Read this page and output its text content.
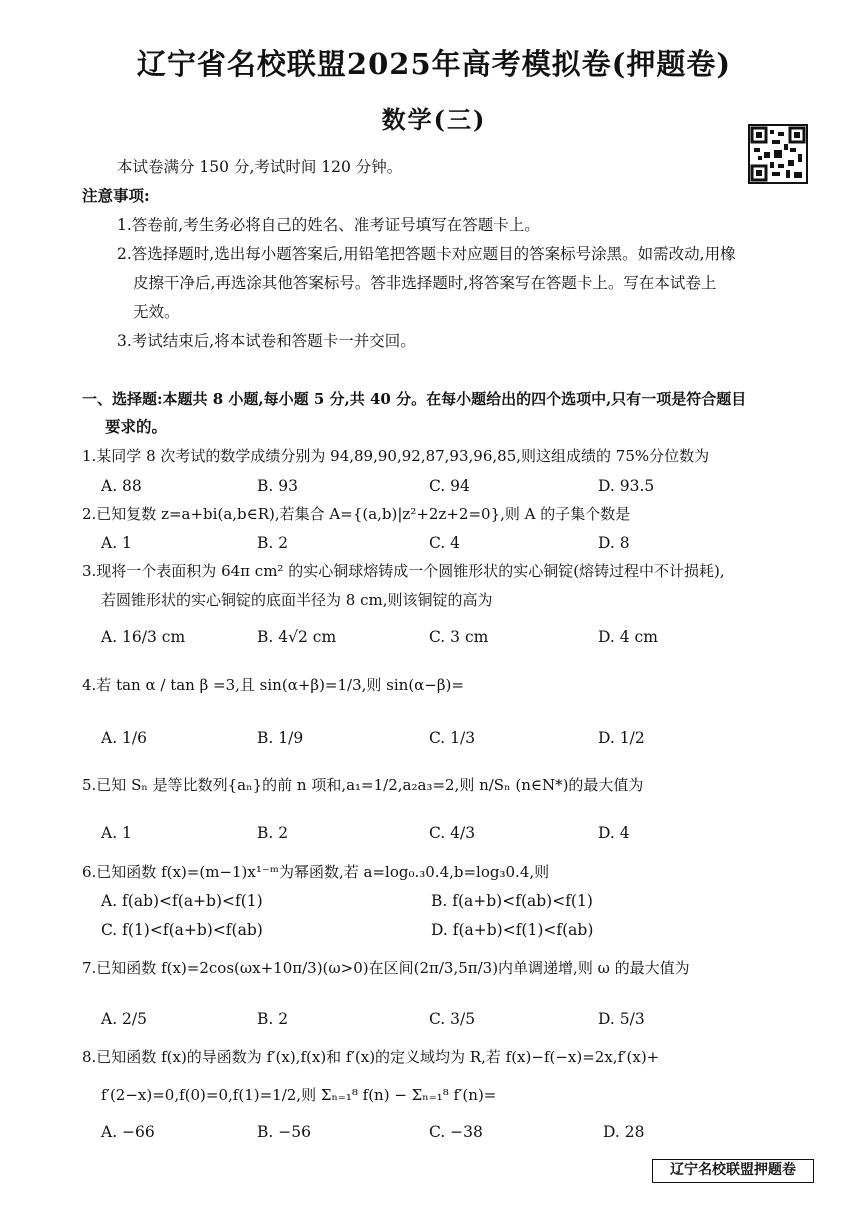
辽宁省名校联盟2025年高考模拟卷(押题卷)
数学(三)
本试卷满分 150 分,考试时间 120 分钟。
注意事项:
1.答卷前,考生务必将自己的姓名、准考证号填写在答题卡上。
2.答选择题时,选出每小题答案后,用铅笔把答题卡对应题目的答案标号涂黑。如需改动,用橡
皮擦干净后,再选涂其他答案标号。答非选择题时,将答案写在答题卡上。写在本试卷上
无效。
3.考试结束后,将本试卷和答题卡一并交回。
一、选择题:本题共 8 小题,每小题 5 分,共 40 分。在每小题给出的四个选项中,只有一项是符合题目
要求的。
1.某同学 8 次考试的数学成绩分别为 94,89,90,92,87,93,96,85,则这组成绩的 75%分位数为
A. 88	B. 93	C. 94	D. 93.5
2.已知复数 z=a+bi(a,b∈R),若集合 A={(a,b)|z²+2z+2=0},则 A 的子集个数是
A. 1	B. 2	C. 4	D. 8
3.现将一个表面积为 64π cm² 的实心铜球熔铸成一个圆锥形状的实心铜锭(熔铸过程中不计损耗),
若圆锥形状的实心铜锭的底面半径为 8 cm,则该铜锭的高为
A. 16/3 cm	B. 4√2 cm	C. 3 cm	D. 4 cm
4.若 tan α / tan β =3,且 sin(α+β)=1/3,则 sin(α−β)=
A. 1/6	B. 1/9	C. 1/3	D. 1/2
5.已知 Sₙ 是等比数列{aₙ}的前 n 项和,a₁=1/2,a₂a₃=2,则 n/Sₙ (n∈N*)的最大值为
A. 1	B. 2	C. 4/3	D. 4
6.已知函数 f(x)=(m−1)x¹⁻ᵐ为幂函数,若 a=log₀.₃0.4,b=log₃0.4,则
A. f(ab)<f(a+b)<f(1)	B. f(a+b)<f(ab)<f(1)
C. f(1)<f(a+b)<f(ab)	D. f(a+b)<f(1)<f(ab)
7.已知函数 f(x)=2cos(ωx+10π/3)(ω>0)在区间(2π/3,5π/3)内单调递增,则 ω 的最大值为
A. 2/5	B. 2	C. 3/5	D. 5/3
8.已知函数 f(x)的导函数为 f′(x),f(x)和 f′(x)的定义域均为 R,若 f(x)−f(−x)=2x,f′(x)+
f′(2−x)=0,f(0)=0,f(1)=1/2,则 Σₙ₌₁⁸ f(n) − Σₙ₌₁⁸ f′(n)=
A. −66	B. −56	C. −38	D. 28
辽宁名校联盟押题卷
